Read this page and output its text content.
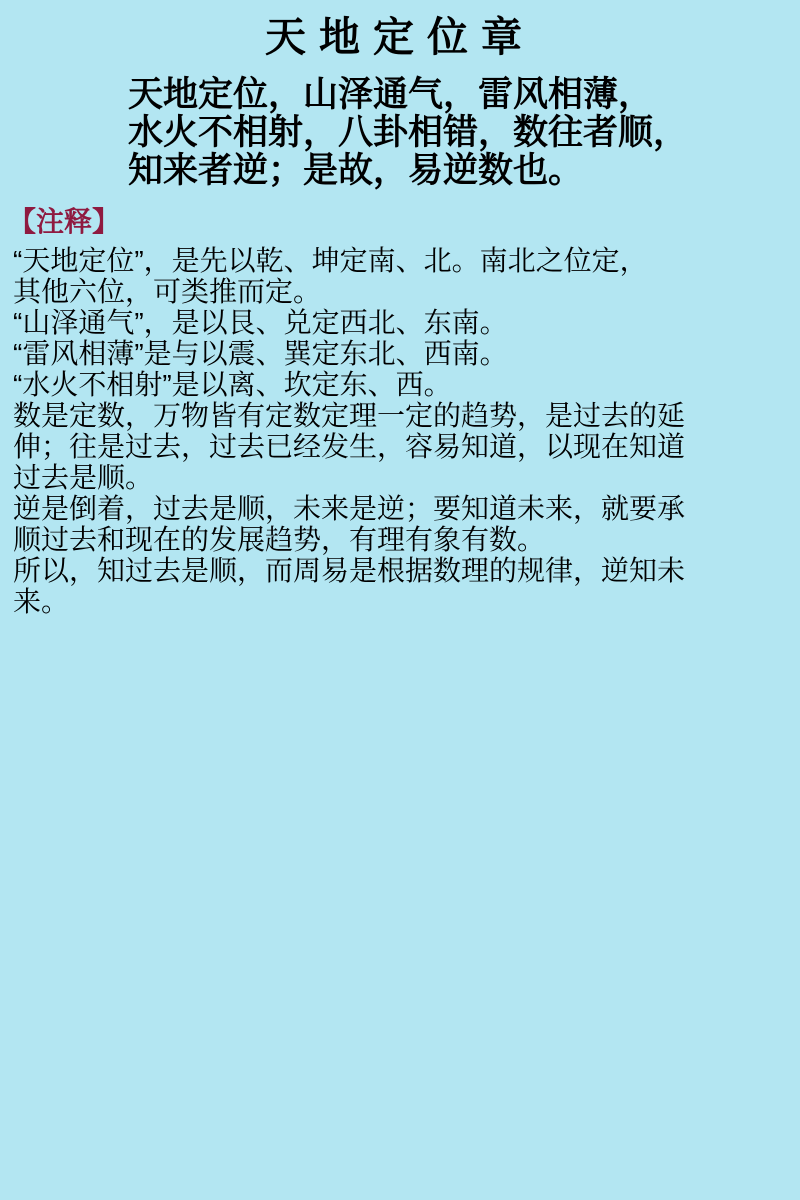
天地定位章
天地定位，山泽通气，雷风相薄，
水火不相射，八卦相错，数往者顺，
知来者逆；是故，易逆数也。
【注释】
“天地定位”，是先以乾、坤定南、北。南北之位定，
其他六位，可类推而定。
“山泽通气”，是以艮、兑定西北、东南。
“雷风相薄”是与以震、巽定东北、西南。
“水火不相射”是以离、坎定东、西。
数是定数，万物皆有定数定理一定的趋势，是过去的延
伸；往是过去，过去已经发生，容易知道，以现在知道
过去是顺。
逆是倒着，过去是顺，未来是逆；要知道未来，就要承
顺过去和现在的发展趋势，有理有象有数。
所以，知过去是顺，而周易是根据数理的规律，逆知未
来。
